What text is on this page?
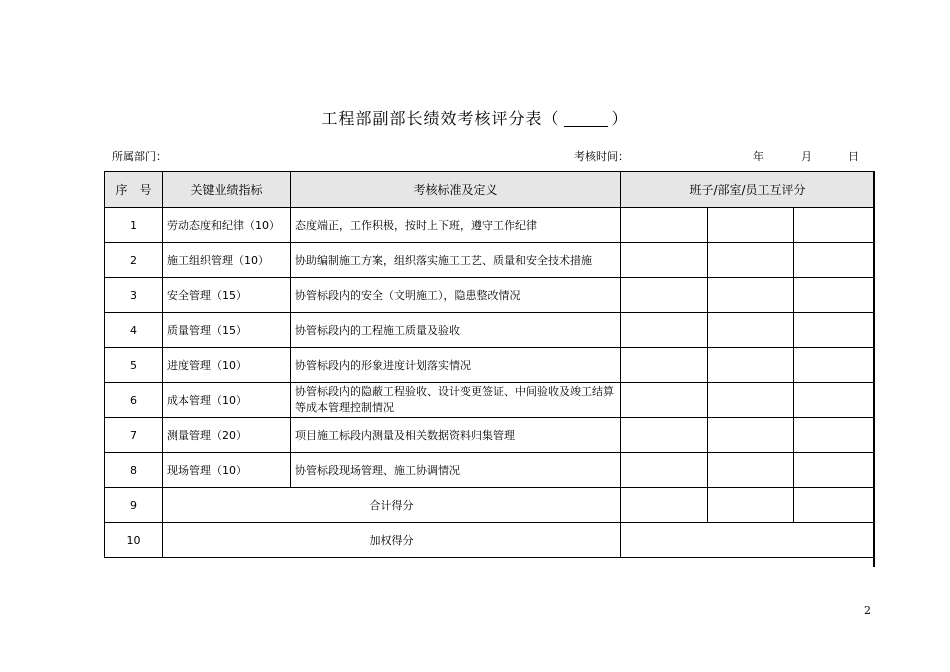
工程部副部长绩效考核评分表（	）
所属部门：	考核时间：	年	月	日
序　号	关键业绩指标	考核标准及定义	班子/部室/员工互评分		
1	劳动态度和纪律（10）	态度端正，工作积极，按时上下班，遵守工作纪律			
2	施工组织管理（10）	协助编制施工方案，组织落实施工工艺、质量和安全技术措施			
3	安全管理（15）	协管标段内的安全（文明施工），隐患整改情况			
4	质量管理（15）	协管标段内的工程施工质量及验收			
5	进度管理（10）	协管标段内的形象进度计划落实情况			
6	成本管理（10）	协管标段内的隐蔽工程验收、设计变更签证、中间验收及竣工结算等成本管理控制情况			
7	测量管理（20）	项目施工标段内测量及相关数据资料归集管理			
8	现场管理（10）	协管标段现场管理、施工协调情况			
9	合计得分				
10	加权得分				
2
